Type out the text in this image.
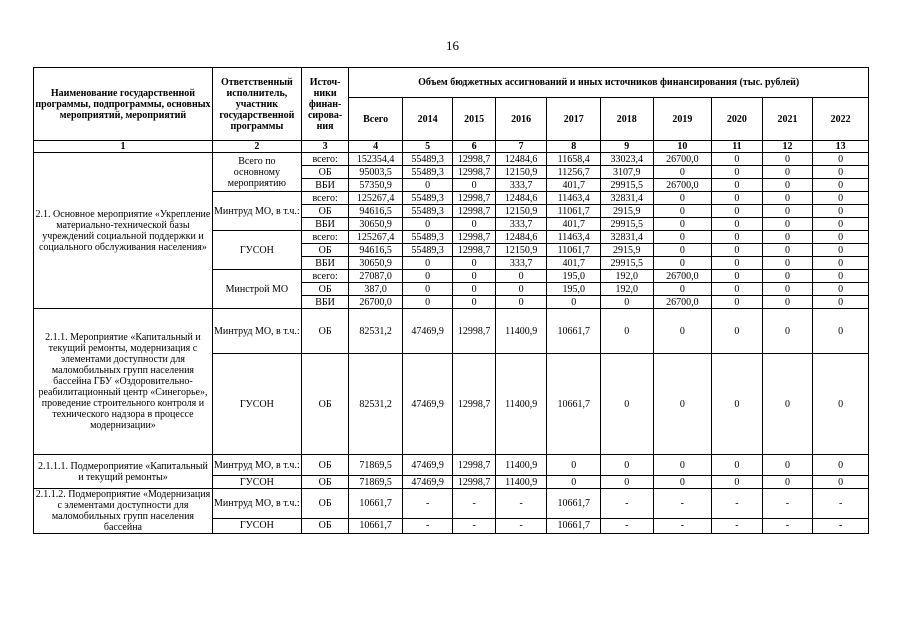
16
Наименование государственной программы, подпрограммы, основных мероприятий, мероприятий	Ответственный исполнитель, участник государственной программы	Источ-ники финан-сирова-ния	Объем бюджетных ассигнований и иных источников финансирования (тыс. рублей)									
			Всего	2014	2015	2016	2017	2018	2019	2020	2021	2022
1	2	3	4	5	6	7	8	9	10	11	12	13
2.1. Основное мероприятие «Укрепление материально-технической базы учреждений социальной поддержки и социального обслуживания населения»	Всего по основному мероприятию	всего:	152354,4	55489,3	12998,7	12484,6	11658,4	33023,4	26700,0	0	0	0
		ОБ	95003,5	55489,3	12998,7	12150,9	11256,7	3107,9	0	0	0	0
		ВБИ	57350,9	0	0	333,7	401,7	29915,5	26700,0	0	0	0
	Минтруд МО, в т.ч.:	всего:	125267,4	55489,3	12998,7	12484,6	11463,4	32831,4	0	0	0	0
		ОБ	94616,5	55489,3	12998,7	12150,9	11061,7	2915,9	0	0	0	0
		ВБИ	30650,9	0	0	333,7	401,7	29915,5	0	0	0	0
	ГУСОН	всего:	125267,4	55489,3	12998,7	12484,6	11463,4	32831,4	0	0	0	0
		ОБ	94616,5	55489,3	12998,7	12150,9	11061,7	2915,9	0	0	0	0
		ВБИ	30650,9	0	0	333,7	401,7	29915,5	0	0	0	0
	Минстрой МО	всего:	27087,0	0	0	0	195,0	192,0	26700,0	0	0	0
		ОБ	387,0	0	0	0	195,0	192,0	0	0	0	0
		ВБИ	26700,0	0	0	0	0	0	26700,0	0	0	0
2.1.1. Мероприятие «Капитальный и текущий ремонты, модернизация с элементами доступности для маломобильных групп населения бассейна ГБУ «Оздоровительно-реабилитационный центр «Синегорье», проведение строительного контроля и технического надзора в процессе модернизации»	Минтруд МО, в т.ч.:	ОБ	82531,2	47469,9	12998,7	11400,9	10661,7	0	0	0	0	0
	ГУСОН	ОБ	82531,2	47469,9	12998,7	11400,9	10661,7	0	0	0	0	0
2.1.1.1. Подмероприятие «Капитальный и текущий ремонты»	Минтруд МО, в т.ч.:	ОБ	71869,5	47469,9	12998,7	11400,9	0	0	0	0	0	0
	ГУСОН	ОБ	71869,5	47469,9	12998,7	11400,9	0	0	0	0	0	0
2.1.1.2. Подмероприятие «Модернизация с элементами доступности для маломобильных групп населения бассейна	Минтруд МО, в т.ч.:	ОБ	10661,7	-	-	-	10661,7	-	-	-	-	-
	ГУСОН	ОБ	10661,7	-	-	-	10661,7	-	-	-	-	-
